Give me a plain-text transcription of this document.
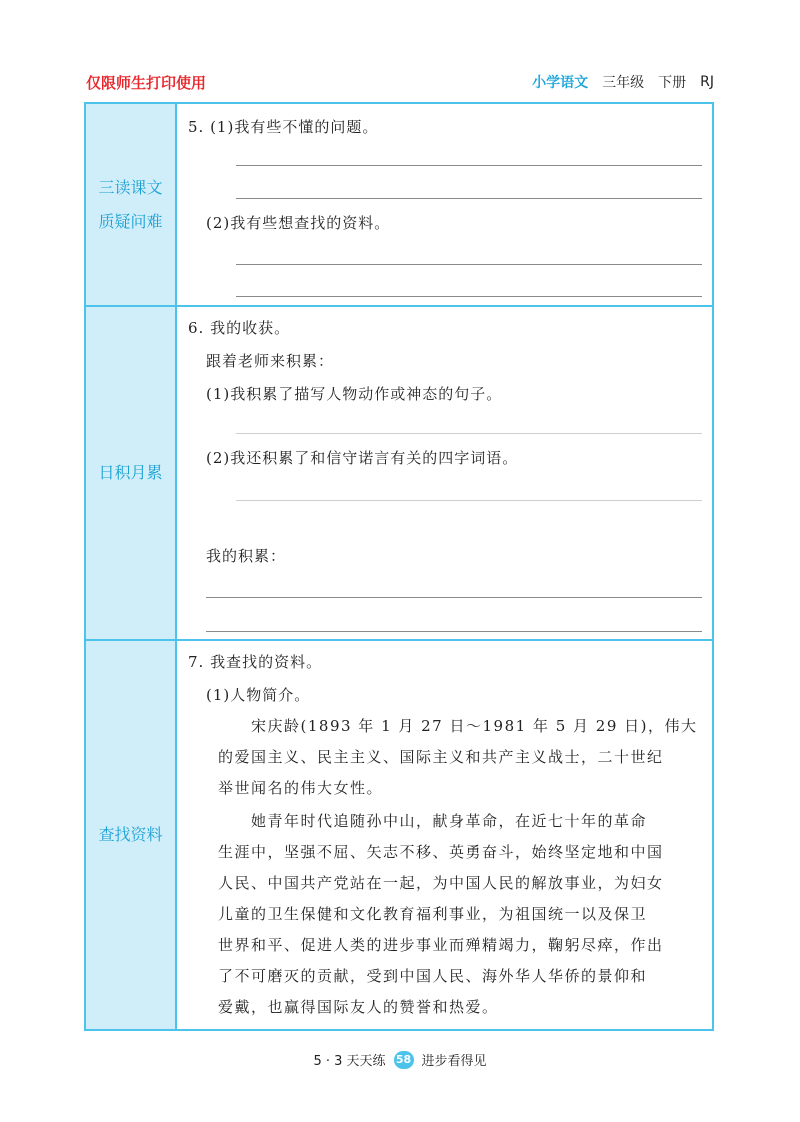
仅限师生打印使用	小学语文 三年级 下册 RJ
三读课文
质疑问难
5. (1)我有些不懂的问题。
(2)我有些想查找的资料。
日积月累
6. 我的收获。
跟着老师来积累：
(1)我积累了描写人物动作或神态的句子。
(2)我还积累了和信守诺言有关的四字词语。
我的积累：
查找资料
7. 我查找的资料。
(1)人物简介。
　　宋庆龄(1893 年 1 月 27 日～1981 年 5 月 29 日)，伟大
的爱国主义、民主主义、国际主义和共产主义战士，二十世纪
举世闻名的伟大女性。
　　她青年时代追随孙中山，献身革命，在近七十年的革命
生涯中，坚强不屈、矢志不移、英勇奋斗，始终坚定地和中国
人民、中国共产党站在一起，为中国人民的解放事业，为妇女
儿童的卫生保健和文化教育福利事业，为祖国统一以及保卫
世界和平、促进人类的进步事业而殚精竭力，鞠躬尽瘁，作出
了不可磨灭的贡献，受到中国人民、海外华人华侨的景仰和
爱戴，也赢得国际友人的赞誉和热爱。
5 · 3 天天练 58 进步看得见
